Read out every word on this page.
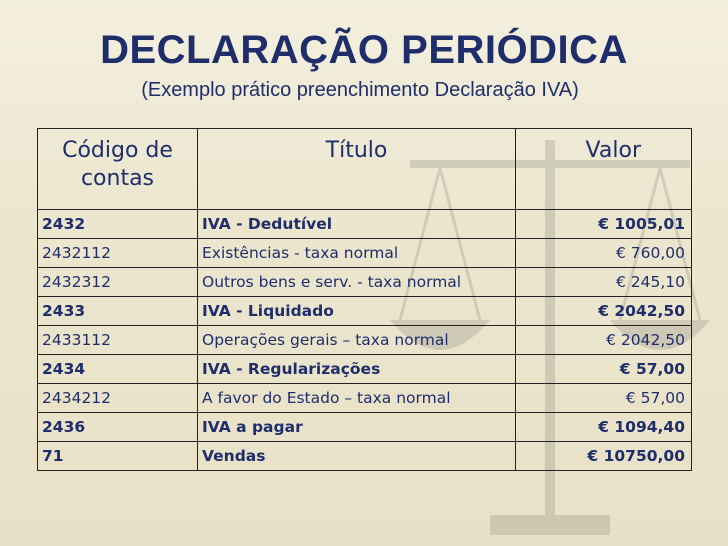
DECLARAÇÃO PERIÓDICA

(Exemplo prático preenchimento Declaração IVA)

Código de contas	Título	Valor
2432	IVA - Dedutível	€ 1005,01
2432112	Existências - taxa normal	€ 760,00
2432312	Outros bens e serv. - taxa normal	€ 245,10
2433	IVA - Liquidado	€ 2042,50
2433112	Operações gerais – taxa normal	€ 2042,50
2434	IVA - Regularizações	€ 57,00
2434212	A favor do Estado – taxa normal	€ 57,00
2436	IVA a pagar	€ 1094,40
71	Vendas	€ 10750,00
